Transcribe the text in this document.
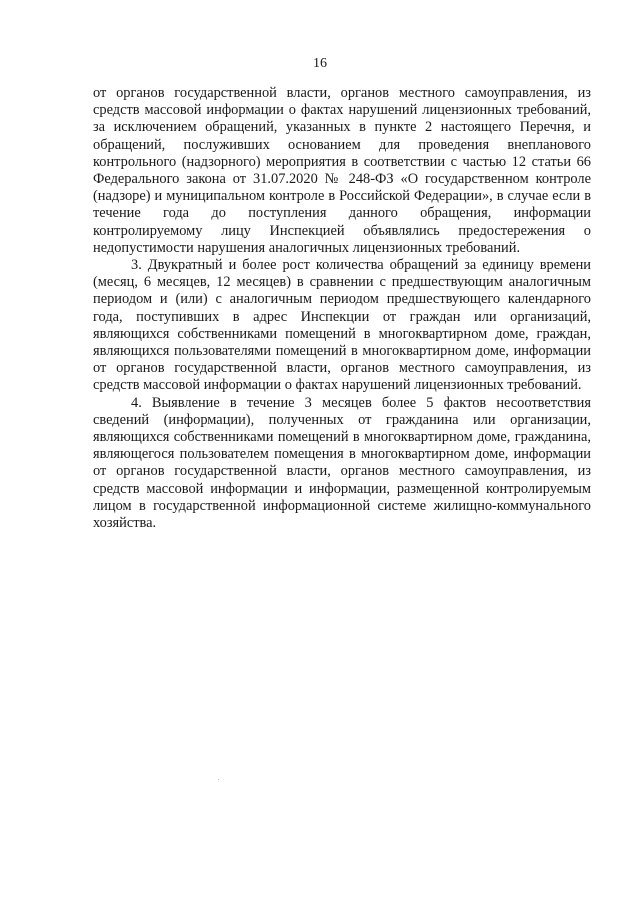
16

от органов государственной власти, органов местного самоуправления, из средств массовой информации о фактах нарушений лицензионных требований, за исключением обращений, указанных в пункте 2 настоящего Перечня, и обращений, послуживших основанием для проведения внепланового контрольного (надзорного) мероприятия в соответствии с частью 12 статьи 66 Федерального закона от 31.07.2020 № 248-ФЗ «О государственном контроле (надзоре) и муниципальном контроле в Российской Федерации», в случае если в течение года до поступления данного обращения, информации контролируемому лицу Инспекцией объявлялись предостережения о недопустимости нарушения аналогичных лицензионных требований.

3. Двукратный и более рост количества обращений за единицу времени (месяц, 6 месяцев, 12 месяцев) в сравнении с предшествующим аналогичным периодом и (или) с аналогичным периодом предшествующего календарного года, поступивших в адрес Инспекции от граждан или организаций, являющихся собственниками помещений в многоквартирном доме, граждан, являющихся пользователями помещений в многоквартирном доме, информации от органов государственной власти, органов местного самоуправления, из средств массовой информации о фактах нарушений лицензионных требований.

4. Выявление в течение 3 месяцев более 5 фактов несоответствия сведений (информации), полученных от гражданина или организации, являющихся собственниками помещений в многоквартирном доме, гражданина, являющегося пользователем помещения в многоквартирном доме, информации от органов государственной власти, органов местного самоуправления, из средств массовой информации и информации, размещенной контролируемым лицом в государственной информационной системе жилищно-коммунального хозяйства.
